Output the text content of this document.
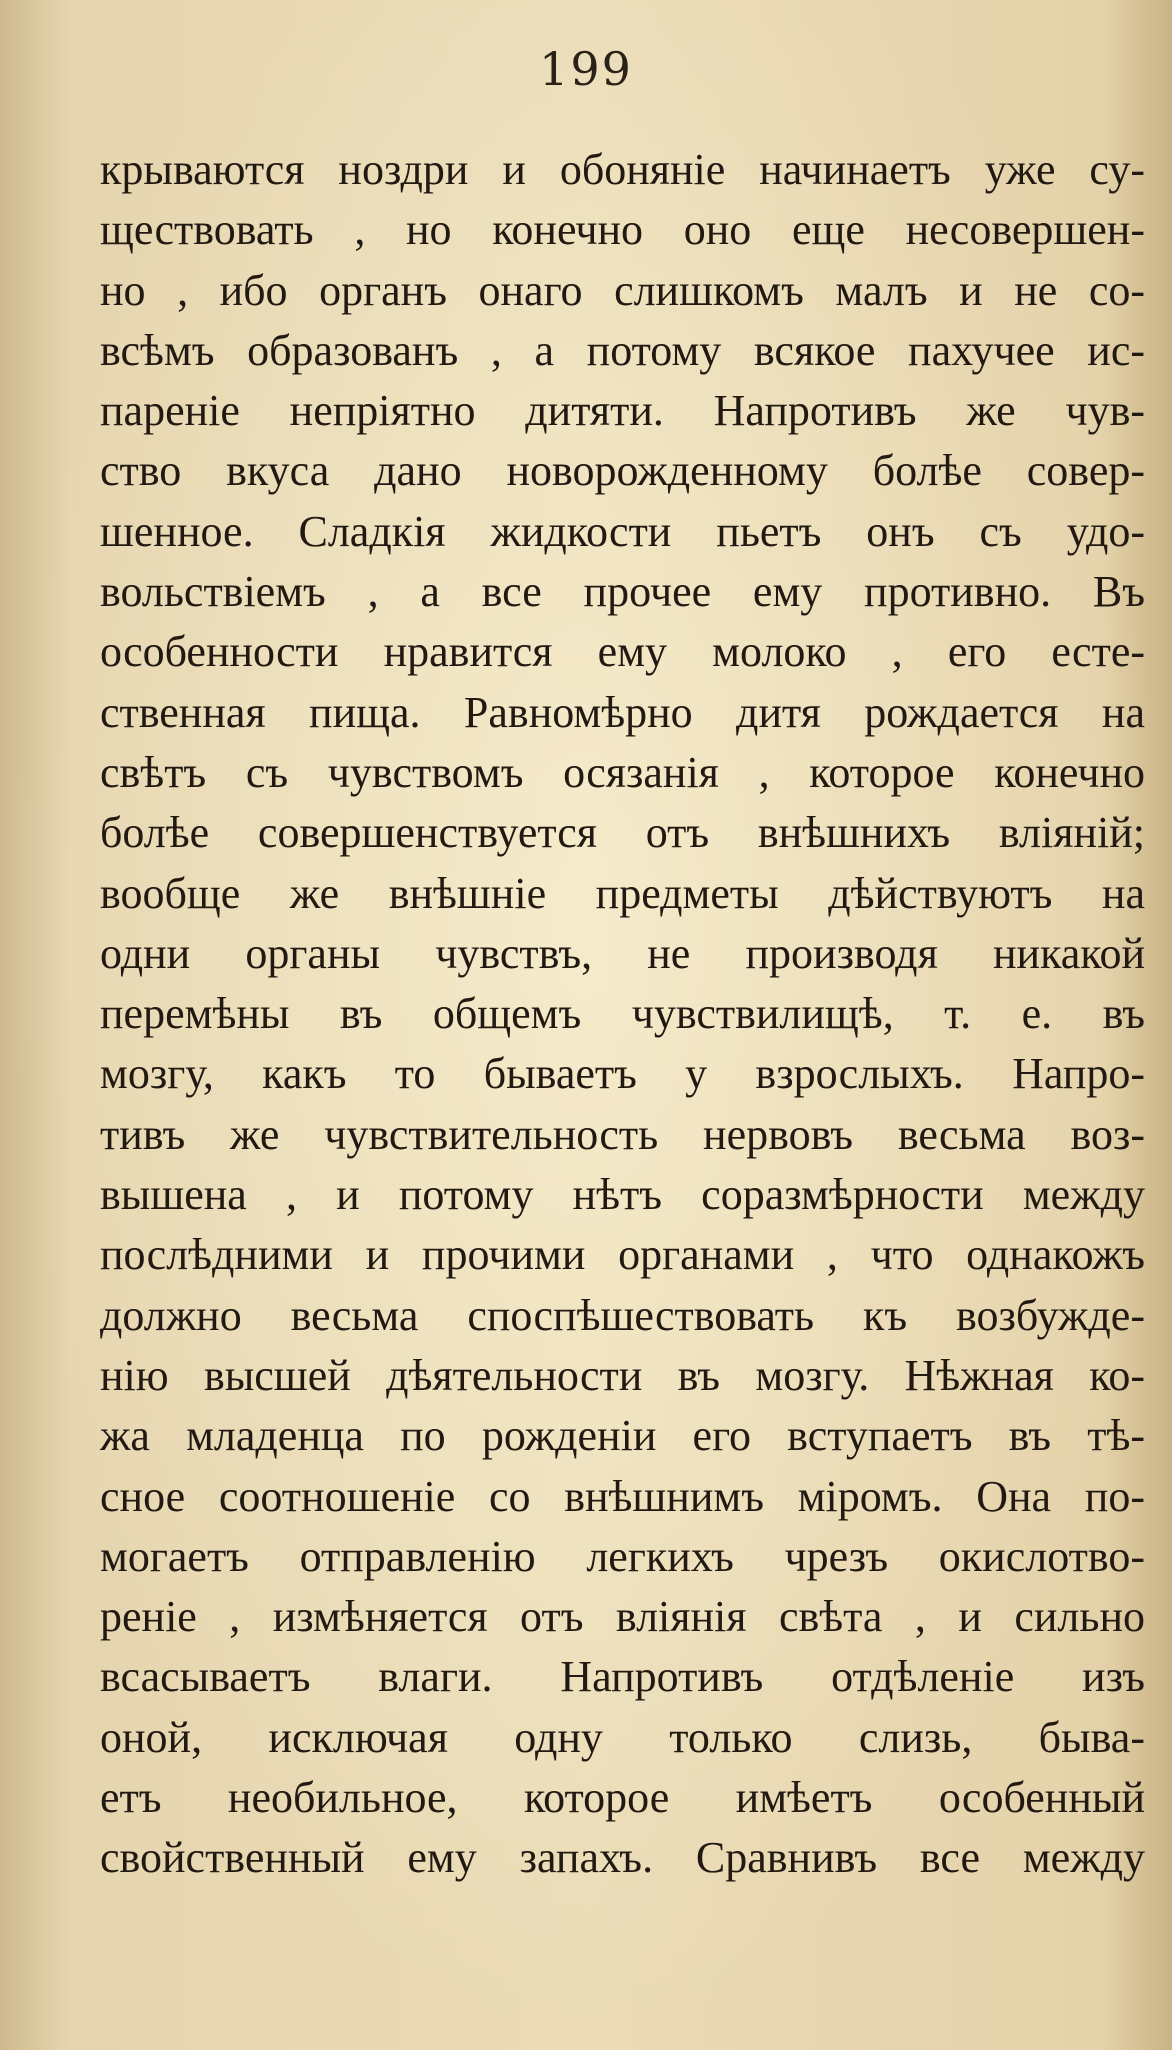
199
крываются ноздри и обоняніе начинаетъ уже су-
ществовать , но конечно оно еще несовершен-
но , ибо органъ онаго слишкомъ малъ и не со-
всѣмъ образованъ , а потому всякое пахучее ис-
пареніе непріятно дитяти. Напротивъ же чув-
ство вкуса дано новорожденному болѣе совер-
шенное. Сладкія жидкости пьетъ онъ съ удо-
вольствіемъ , а все прочее ему противно. Въ
особенности нравится ему молоко , его есте-
ственная пища. Равномѣрно дитя рождается на
свѣтъ съ чувствомъ осязанія , которое конечно
болѣе совершенствуется отъ внѣшнихъ вліяній;
вообще же внѣшніе предметы дѣйствуютъ на
одни органы чувствъ, не производя никакой
перемѣны въ общемъ чувствилищѣ, т. е. въ
мозгу, какъ то бываетъ у взрослыхъ. Напро-
тивъ же чувствительность нервовъ весьма воз-
вышена , и потому нѣтъ соразмѣрности между
послѣдними и прочими органами , что однакожъ
должно весьма споспѣшествовать къ возбужде-
нію высшей дѣятельности въ мозгу. Нѣжная ко-
жа младенца по рожденіи его вступаетъ въ тѣ-
сное соотношеніе со внѣшнимъ міромъ. Она по-
могаетъ отправленію легкихъ чрезъ окислотво-
реніе , измѣняется отъ вліянія свѣта , и сильно
всасываетъ влаги. Напротивъ отдѣленіе изъ
оной, исключая одну только слизь, быва-
етъ необильное, которое имѣетъ особенный
свойственный ему запахъ. Сравнивъ все между
